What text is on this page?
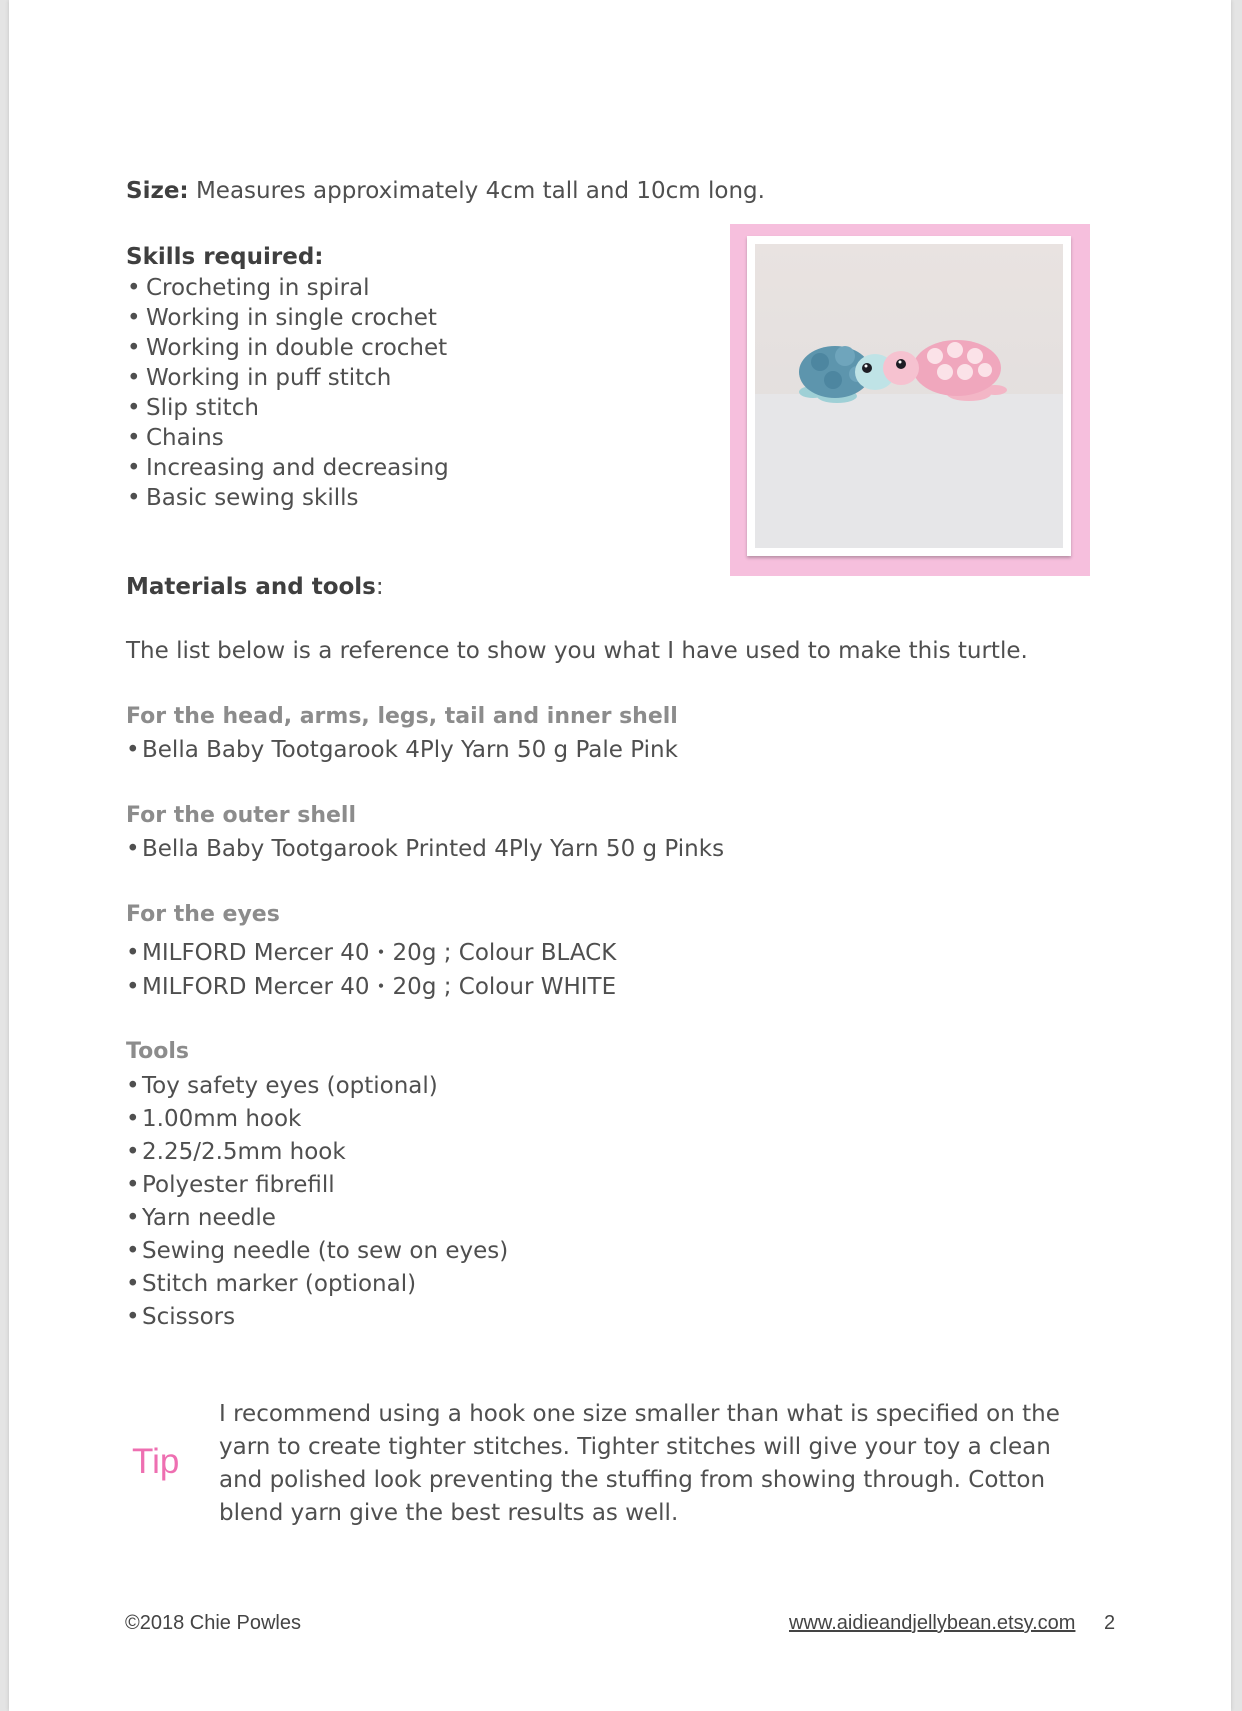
Size: Measures approximately 4cm tall and 10cm long.

Skills required:

• Crocheting in spiral
• Working in single crochet
• Working in double crochet
• Working in puff stitch
• Slip stitch
• Chains
• Increasing and decreasing
• Basic sewing skills

Materials and tools:

The list below is a reference to show you what I have used to make this turtle.

For the head, arms, legs, tail and inner shell

• Bella Baby Tootgarook 4Ply Yarn 50 g Pale Pink

For the outer shell

• Bella Baby Tootgarook Printed 4Ply Yarn 50 g Pinks

For the eyes

• MILFORD Mercer 40・20g ; Colour BLACK
• MILFORD Mercer 40・20g ; Colour WHITE

Tools

• Toy safety eyes (optional)
• 1.00mm hook
• 2.25/2.5mm hook
• Polyester fibrefill
• Yarn needle
• Sewing needle (to sew on eyes)
• Stitch marker (optional)
• Scissors
Tip

I recommend using a hook one size smaller than what is specified on the yarn to create tighter stitches. Tighter stitches will give your toy a clean and polished look preventing the stuffing from showing through. Cotton blend yarn give the best results as well.

©2018 Chie Powles	www.aidieandjellybean.etsy.com 2
